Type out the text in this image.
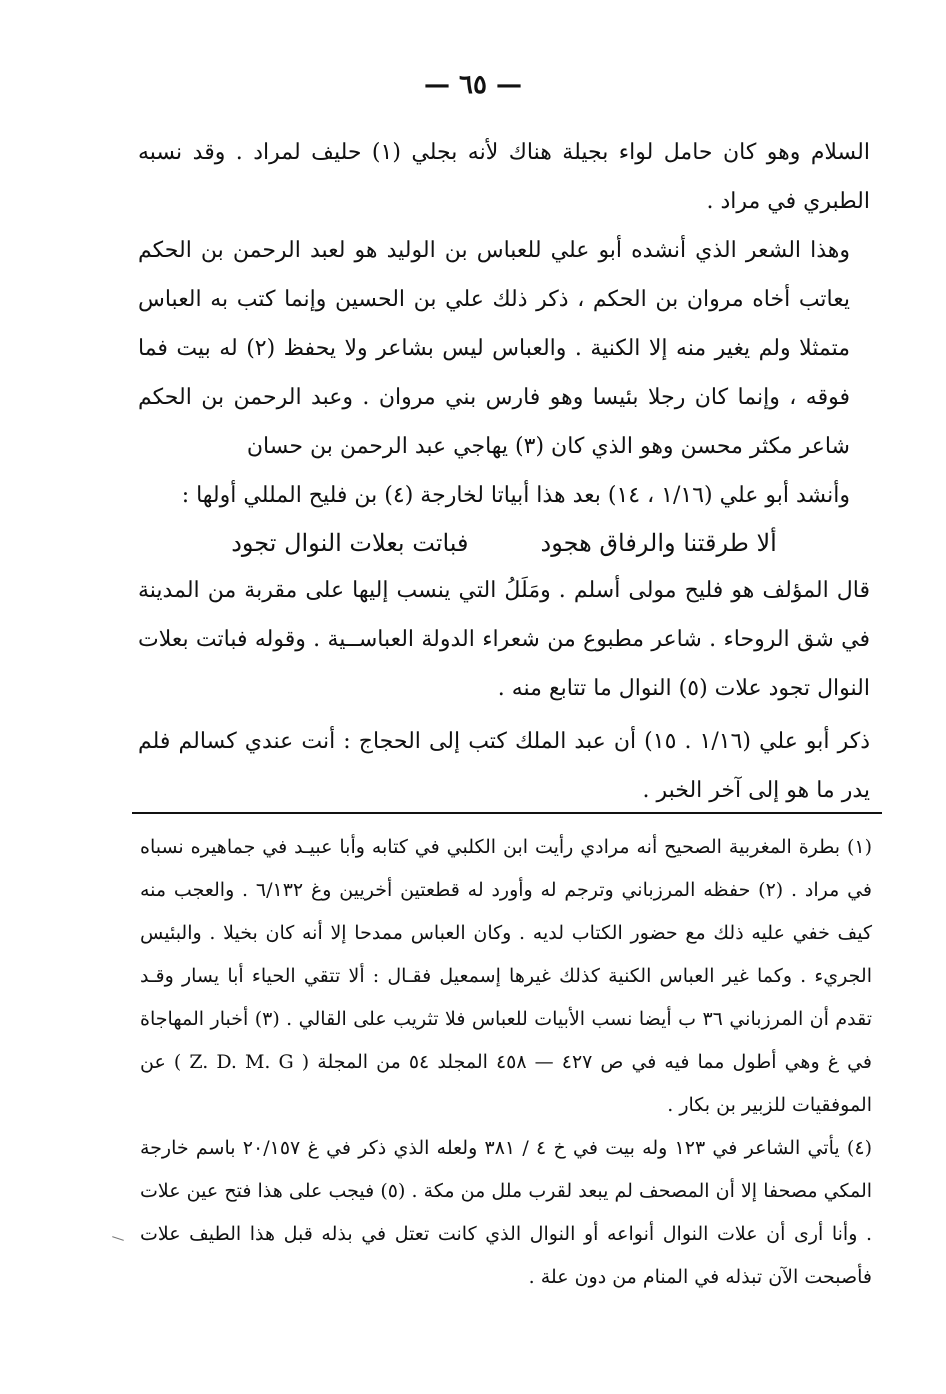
— ٦٥ —

السلام وهو كان حامل لواء بجيلة هناك لأنه بجلي (١) حليف لمراد . وقد نسبه الطبري في مراد .

وهذا الشعر الذي أنشده أبو علي للعباس بن الوليد هو لعبد الرحمن بن الحكم يعاتب أخاه مروان بن الحكم ، ذكر ذلك علي بن الحسين وإنما كتب به العباس متمثلا ولم يغير منه إلا الكنية . والعباس ليس بشاعر ولا يحفظ (٢) له بيت فما فوقه ، وإنما كان رجلا بئيسا وهو فارس بني مروان . وعبد الرحمن بن الحكم شاعر مكثر محسن وهو الذي كان (٣) يهاجي عبد الرحمن بن حسان

وأنشد أبو علي (١/١٦ ، ١٤) بعد هذا أبياتا لخارجة (٤) بن فليح المللي أولها :

ألا طرقتنا والرفاق هجود
فباتت بعلات النوال تجود

قال المؤلف هو فليح مولى أسلم . ومَلَلُ التي ينسب إليها على مقربة من المدينة في شق الروحاء . شاعر مطبوع من شعراء الدولة العباســية . وقوله فباتت بعلات النوال تجود علات (٥) النوال ما تتابع منه .

ذكر أبو علي (١/١٦ . ١٥) أن عبد الملك كتب إلى الحجاج : أنت عندي كسالم فلم يدر ما هو إلى آخر الخبر .

(١) بطرة المغربية الصحيح أنه مرادي رأيت ابن الكلبي في كتابه وأبا عبيـد في جماهيره نسباه في مراد . (٢) حفظه المرزباني وترجم له وأورد له قطعتين أخريين وغ ٦/١٣٢ . والعجب منه كيف خفي عليه ذلك مع حضور الكتاب لديه . وكان العباس ممدحا إلا أنه كان بخيلا . والبئيس الجريء . وكما غير العباس الكنية كذلك غيرها إسمعيل فقـال : ألا تتقي الحياء أبا يسار وقـد تقدم أن المرزباني ٣٦ ب أيضا نسب الأبيات للعباس فلا تثريب على القالي . (٣) أخبار المهاجاة في غ وهي أطول مما فيه في ص ٤٢٧ — ٤٥٨ المجلد ٥٤ من المجلة ( Z. D. M. G ) عن الموفقيات للزبير بن بكار .

(٤) يأتي الشاعر في ١٢٣ وله بيت في خ ٤ / ٣٨١ ولعله الذي ذكر في غ ٢٠/١٥٧ باسم خارجة المكي مصحفا إلا أن المصحف لم يبعد لقرب ملل من مكة . (٥) فيجب على هذا فتح عين علات . وأنا أرى أن علات النوال أنواعه أو النوال الذي كانت تعتل في بذله قبل هذا الطيف علات فأصبحت الآن تبذله في المنام من دون علة .
